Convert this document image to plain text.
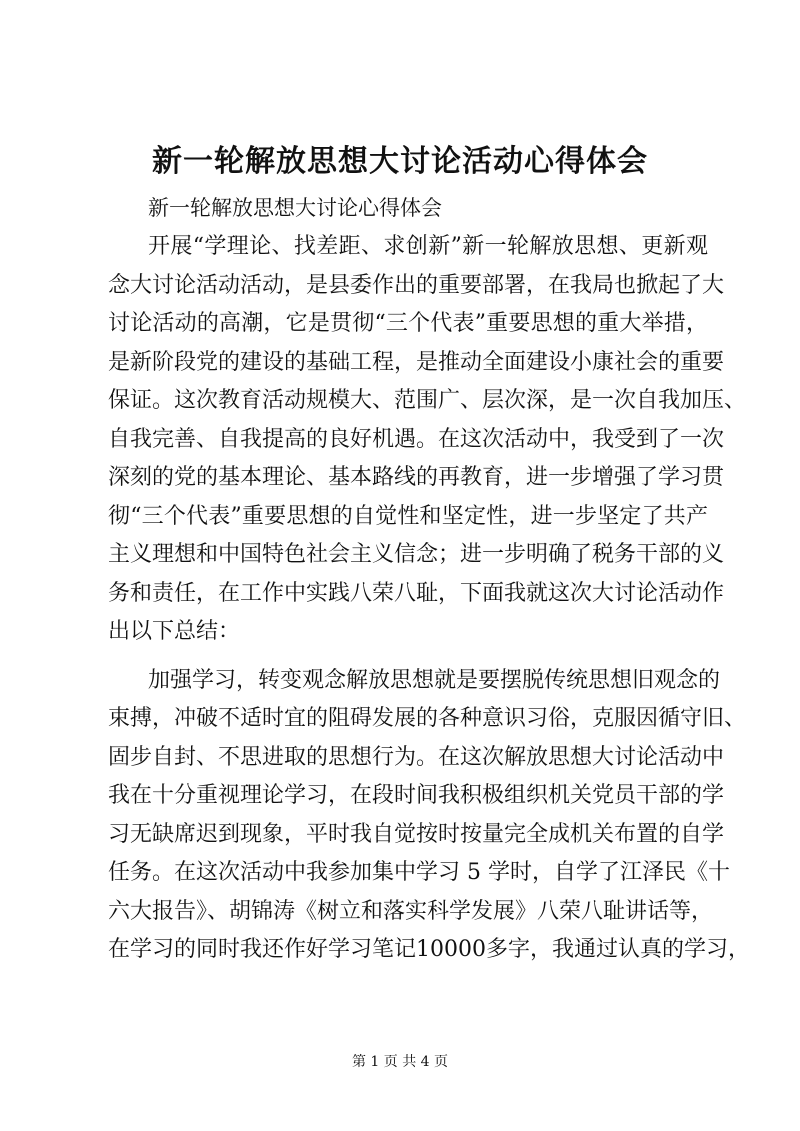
新一轮解放思想大讨论活动心得体会

新一轮解放思想大讨论心得体会

开展“学理论、找差距、求创新”新一轮解放思想、更新观
念大讨论活动活动，是县委作出的重要部署，在我局也掀起了大
讨论活动的高潮，它是贯彻“三个代表”重要思想的重大举措，
是新阶段党的建设的基础工程，是推动全面建设小康社会的重要
保证。这次教育活动规模大、范围广、层次深，是一次自我加压、
自我完善、自我提高的良好机遇。在这次活动中，我受到了一次
深刻的党的基本理论、基本路线的再教育，进一步增强了学习贯
彻“三个代表”重要思想的自觉性和坚定性，进一步坚定了共产
主义理想和中国特色社会主义信念；进一步明确了税务干部的义
务和责任，在工作中实践八荣八耻，下面我就这次大讨论活动作
出以下总结：
加强学习，转变观念解放思想就是要摆脱传统思想旧观念的
束搏，冲破不适时宜的阻碍发展的各种意识习俗，克服因循守旧、
固步自封、不思进取的思想行为。在这次解放思想大讨论活动中
我在十分重视理论学习，在段时间我积极组织机关党员干部的学
习无缺席迟到现象，平时我自觉按时按量完全成机关布置的自学
任务。在这次活动中我参加集中学习 5 学时，自学了江泽民《十
六大报告》、胡锦涛《树立和落实科学发展》八荣八耻讲话等，
在学习的同时我还作好学习笔记10000多字，我通过认真的学习，

第 1 页 共 4 页
